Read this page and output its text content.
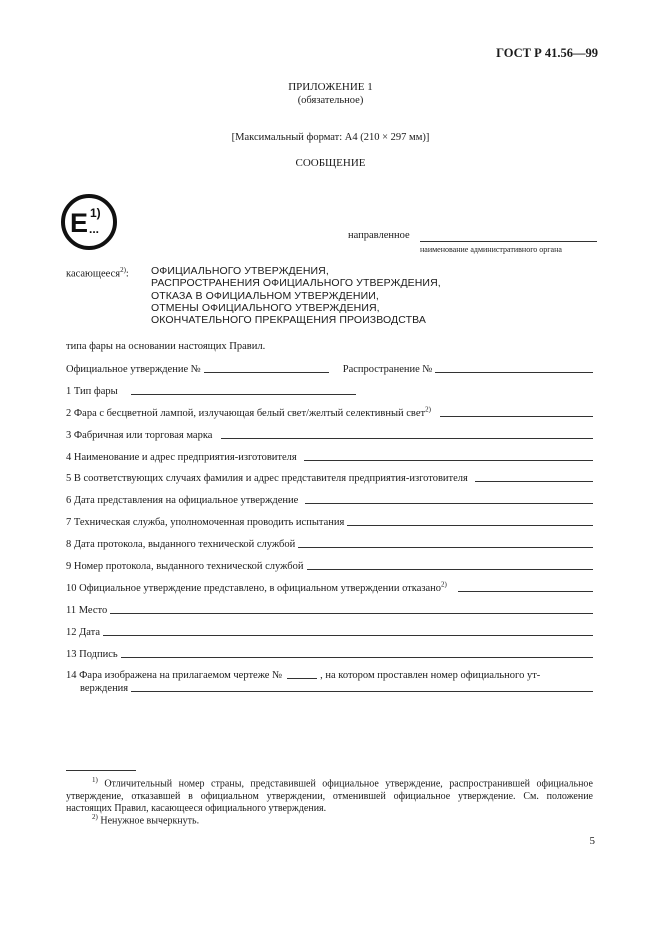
ГОСТ Р 41.56—99
ПРИЛОЖЕНИЕ 1
(обязательное)
[Максимальный формат: А4 (210 × 297 мм)]
СООБЩЕНИЕ
E 1)
...	направленное
наименование административного органа
касающееся$^{2)}$: ОФИЦИАЛЬНОГО УТВЕРЖДЕНИЯ,
РАСПРОСТРАНЕНИЯ ОФИЦИАЛЬНОГО УТВЕРЖДЕНИЯ,
ОТКАЗА В ОФИЦИАЛЬНОМ УТВЕРЖДЕНИИ,
ОТМЕНЫ ОФИЦИАЛЬНОГО УТВЕРЖДЕНИЯ,
ОКОНЧАТЕЛЬНОГО ПРЕКРАЩЕНИЯ ПРОИЗВОДСТВА
типа фары на основании настоящих Правил.
Официальное утверждение №	Распространение №
1 Тип фары
2 Фара с бесцветной лампой, излучающая белый свет/желтый селективный свет$^{2)}$
3 Фабричная или торговая марка
4 Наименование и адрес предприятия-изготовителя
5 В соответствующих случаях фамилия и адрес представителя предприятия-изготовителя
6 Дата представления на официальное утверждение
7 Техническая служба, уполномоченная проводить испытания
8 Дата протокола, выданного технической службой
9 Номер протокола, выданного технической службой
10 Официальное утверждение представлено, в официальном утверждении отказано$^{2)}$
11 Место
12 Дата
13 Подпись
14 Фара изображена на прилагаемом чертеже №	, на котором проставлен номер официального ут-
верждения
$^{1)}$ Отличительный номер страны, представившей официальное утверждение, распространившей официальное утверждение, отказавшей в официальном утверждении, отменившей официальное утверждение. См. положение настоящих Правил, касающееся официального утверждения.
$^{2)}$ Ненужное вычеркнуть.
5
